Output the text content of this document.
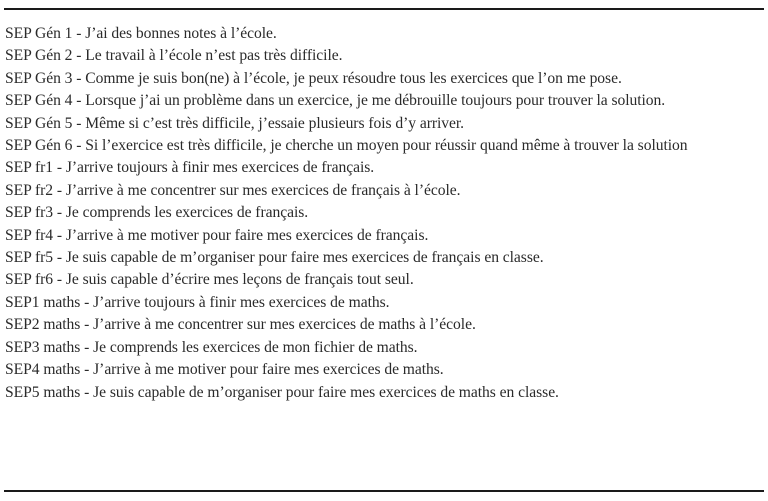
SEP Gén 1 - J’ai des bonnes notes à l’école.

SEP Gén 2 - Le travail à l’école n’est pas très difficile.

SEP Gén 3 - Comme je suis bon(ne) à l’école, je peux résoudre tous les exercices que l’on me pose.

SEP Gén 4 - Lorsque j’ai un problème dans un exercice, je me débrouille toujours pour trouver la solution.

SEP Gén 5 - Même si c’est très difficile, j’essaie plusieurs fois d’y arriver.

SEP Gén 6 - Si l’exercice est très difficile, je cherche un moyen pour réussir quand même à trouver la solution

SEP fr1 - J’arrive toujours à finir mes exercices de français.

SEP fr2 - J’arrive à me concentrer sur mes exercices de français à l’école.

SEP fr3 - Je comprends les exercices de français.

SEP fr4 - J’arrive à me motiver pour faire mes exercices de français.

SEP fr5 - Je suis capable de m’organiser pour faire mes exercices de français en classe.

SEP fr6 - Je suis capable d’écrire mes leçons de français tout seul.

SEP1 maths - J’arrive toujours à finir mes exercices de maths.

SEP2 maths - J’arrive à me concentrer sur mes exercices de maths à l’école.

SEP3 maths - Je comprends les exercices de mon fichier de maths.

SEP4 maths - J’arrive à me motiver pour faire mes exercices de maths.

SEP5 maths - Je suis capable de m’organiser pour faire mes exercices de maths en classe.
